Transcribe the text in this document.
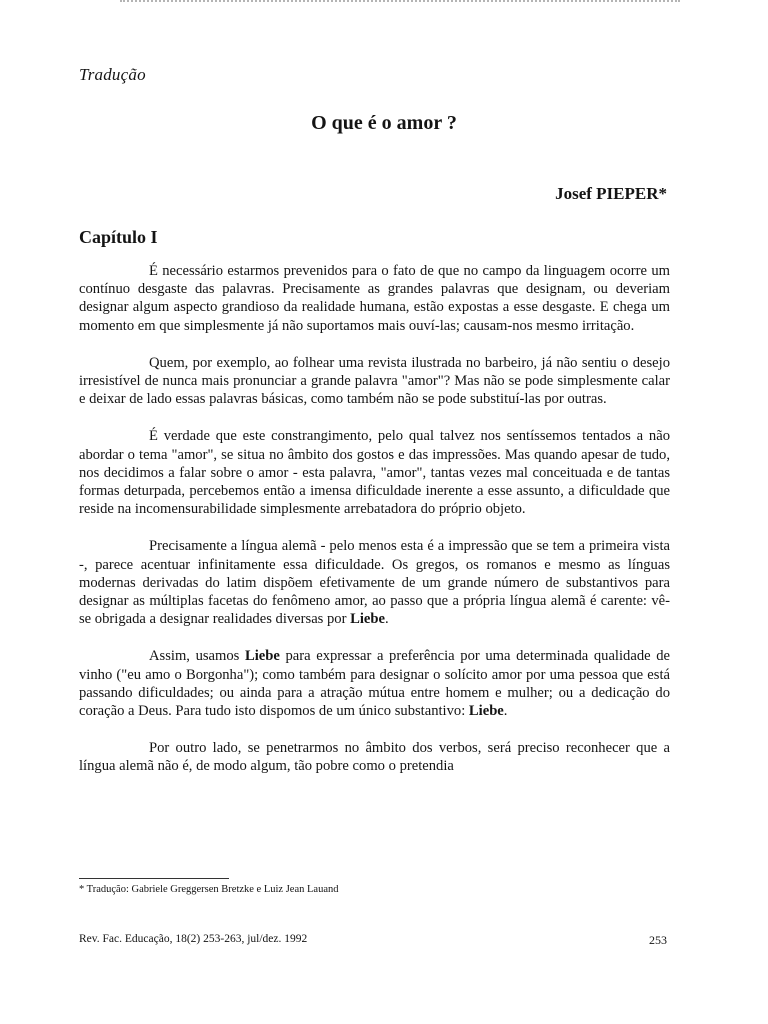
Tradução
O que é o amor ?
Josef PIEPER*
Capítulo I

É necessário estarmos prevenidos para o fato de que no campo da linguagem ocorre um contínuo desgaste das palavras. Precisamente as grandes palavras que designam, ou deveriam designar algum aspecto grandioso da realidade humana, estão expostas a esse desgaste. E chega um momento em que simplesmente já não suportamos mais ouví-las; causam-nos mesmo irritação.

Quem, por exemplo, ao folhear uma revista ilustrada no barbeiro, já não sentiu o desejo irresistível de nunca mais pronunciar a grande palavra "amor"? Mas não se pode simplesmente calar e deixar de lado essas palavras básicas, como também não se pode substituí-las por outras.

É verdade que este constrangimento, pelo qual talvez nos sentíssemos tentados a não abordar o tema "amor", se situa no âmbito dos gostos e das impressões. Mas quando apesar de tudo, nos decidimos a falar sobre o amor - esta palavra, "amor", tantas vezes mal conceituada e de tantas formas deturpada, percebemos então a imensa dificuldade inerente a esse assunto, a dificuldade que reside na incomensurabilidade simplesmente arrebatadora do próprio objeto.

Precisamente a língua alemã - pelo menos esta é a impressão que se tem a primeira vista -, parece acentuar infinitamente essa dificuldade. Os gregos, os romanos e mesmo as línguas modernas derivadas do latim dispõem efetivamente de um grande número de substantivos para designar as múltiplas facetas do fenômeno amor, ao passo que a própria língua alemã é carente: vê-se obrigada a designar realidades diversas por Liebe.

Assim, usamos Liebe para expressar a preferência por uma determinada qualidade de vinho ("eu amo o Borgonha"); como também para designar o solícito amor por uma pessoa que está passando dificuldades; ou ainda para a atração mútua entre homem e mulher; ou a dedicação do coração a Deus. Para tudo isto dispomos de um único substantivo: Liebe.

Por outro lado, se penetrarmos no âmbito dos verbos, será preciso reconhecer que a língua alemã não é, de modo algum, tão pobre como o pretendia

* Tradução: Gabriele Greggersen Bretzke e Luiz Jean Lauand
Rev. Fac. Educação, 18(2) 253-263, jul/dez. 1992	253
